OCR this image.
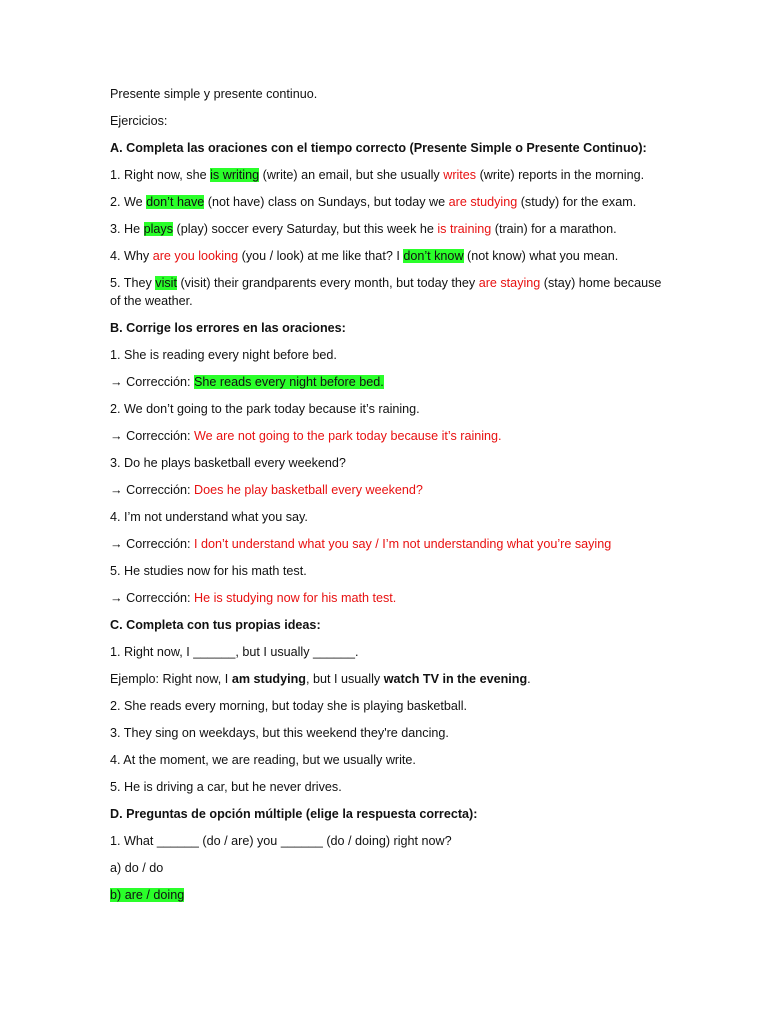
Presente simple y presente continuo.

Ejercicios:

A. Completa las oraciones con el tiempo correcto (Presente Simple o Presente Continuo):

1. Right now, she is writing (write) an email, but she usually writes (write) reports in the morning.

2. We don’t have (not have) class on Sundays, but today we are studying (study) for the exam.

3. He plays (play) soccer every Saturday, but this week he is training (train) for a marathon.

4. Why are you looking (you / look) at me like that? I don’t know (not know) what you mean.

5. They visit (visit) their grandparents every month, but today they are staying (stay) home because of the weather.

B. Corrige los errores en las oraciones:

1. She is reading every night before bed.

→ Corrección: She reads every night before bed.

2. We don’t going to the park today because it’s raining.

→ Corrección: We are not going to the park today because it’s raining.

3. Do he plays basketball every weekend?

→ Corrección: Does he play basketball every weekend?

4. I’m not understand what you say.

→ Corrección: I don’t understand what you say / I’m not understanding what you’re saying

5. He studies now for his math test.

→ Corrección: He is studying now for his math test.

C. Completa con tus propias ideas:

1. Right now, I ______, but I usually ______.

Ejemplo: Right now, I am studying, but I usually watch TV in the evening.

2. She reads every morning, but today she is playing basketball.

3. They sing on weekdays, but this weekend they're dancing.

4. At the moment, we are reading, but we usually write.

5. He is driving a car, but he never drives.

D. Preguntas de opción múltiple (elige la respuesta correcta):

1. What ______ (do / are) you ______ (do / doing) right now?

a) do / do

b) are / doing
